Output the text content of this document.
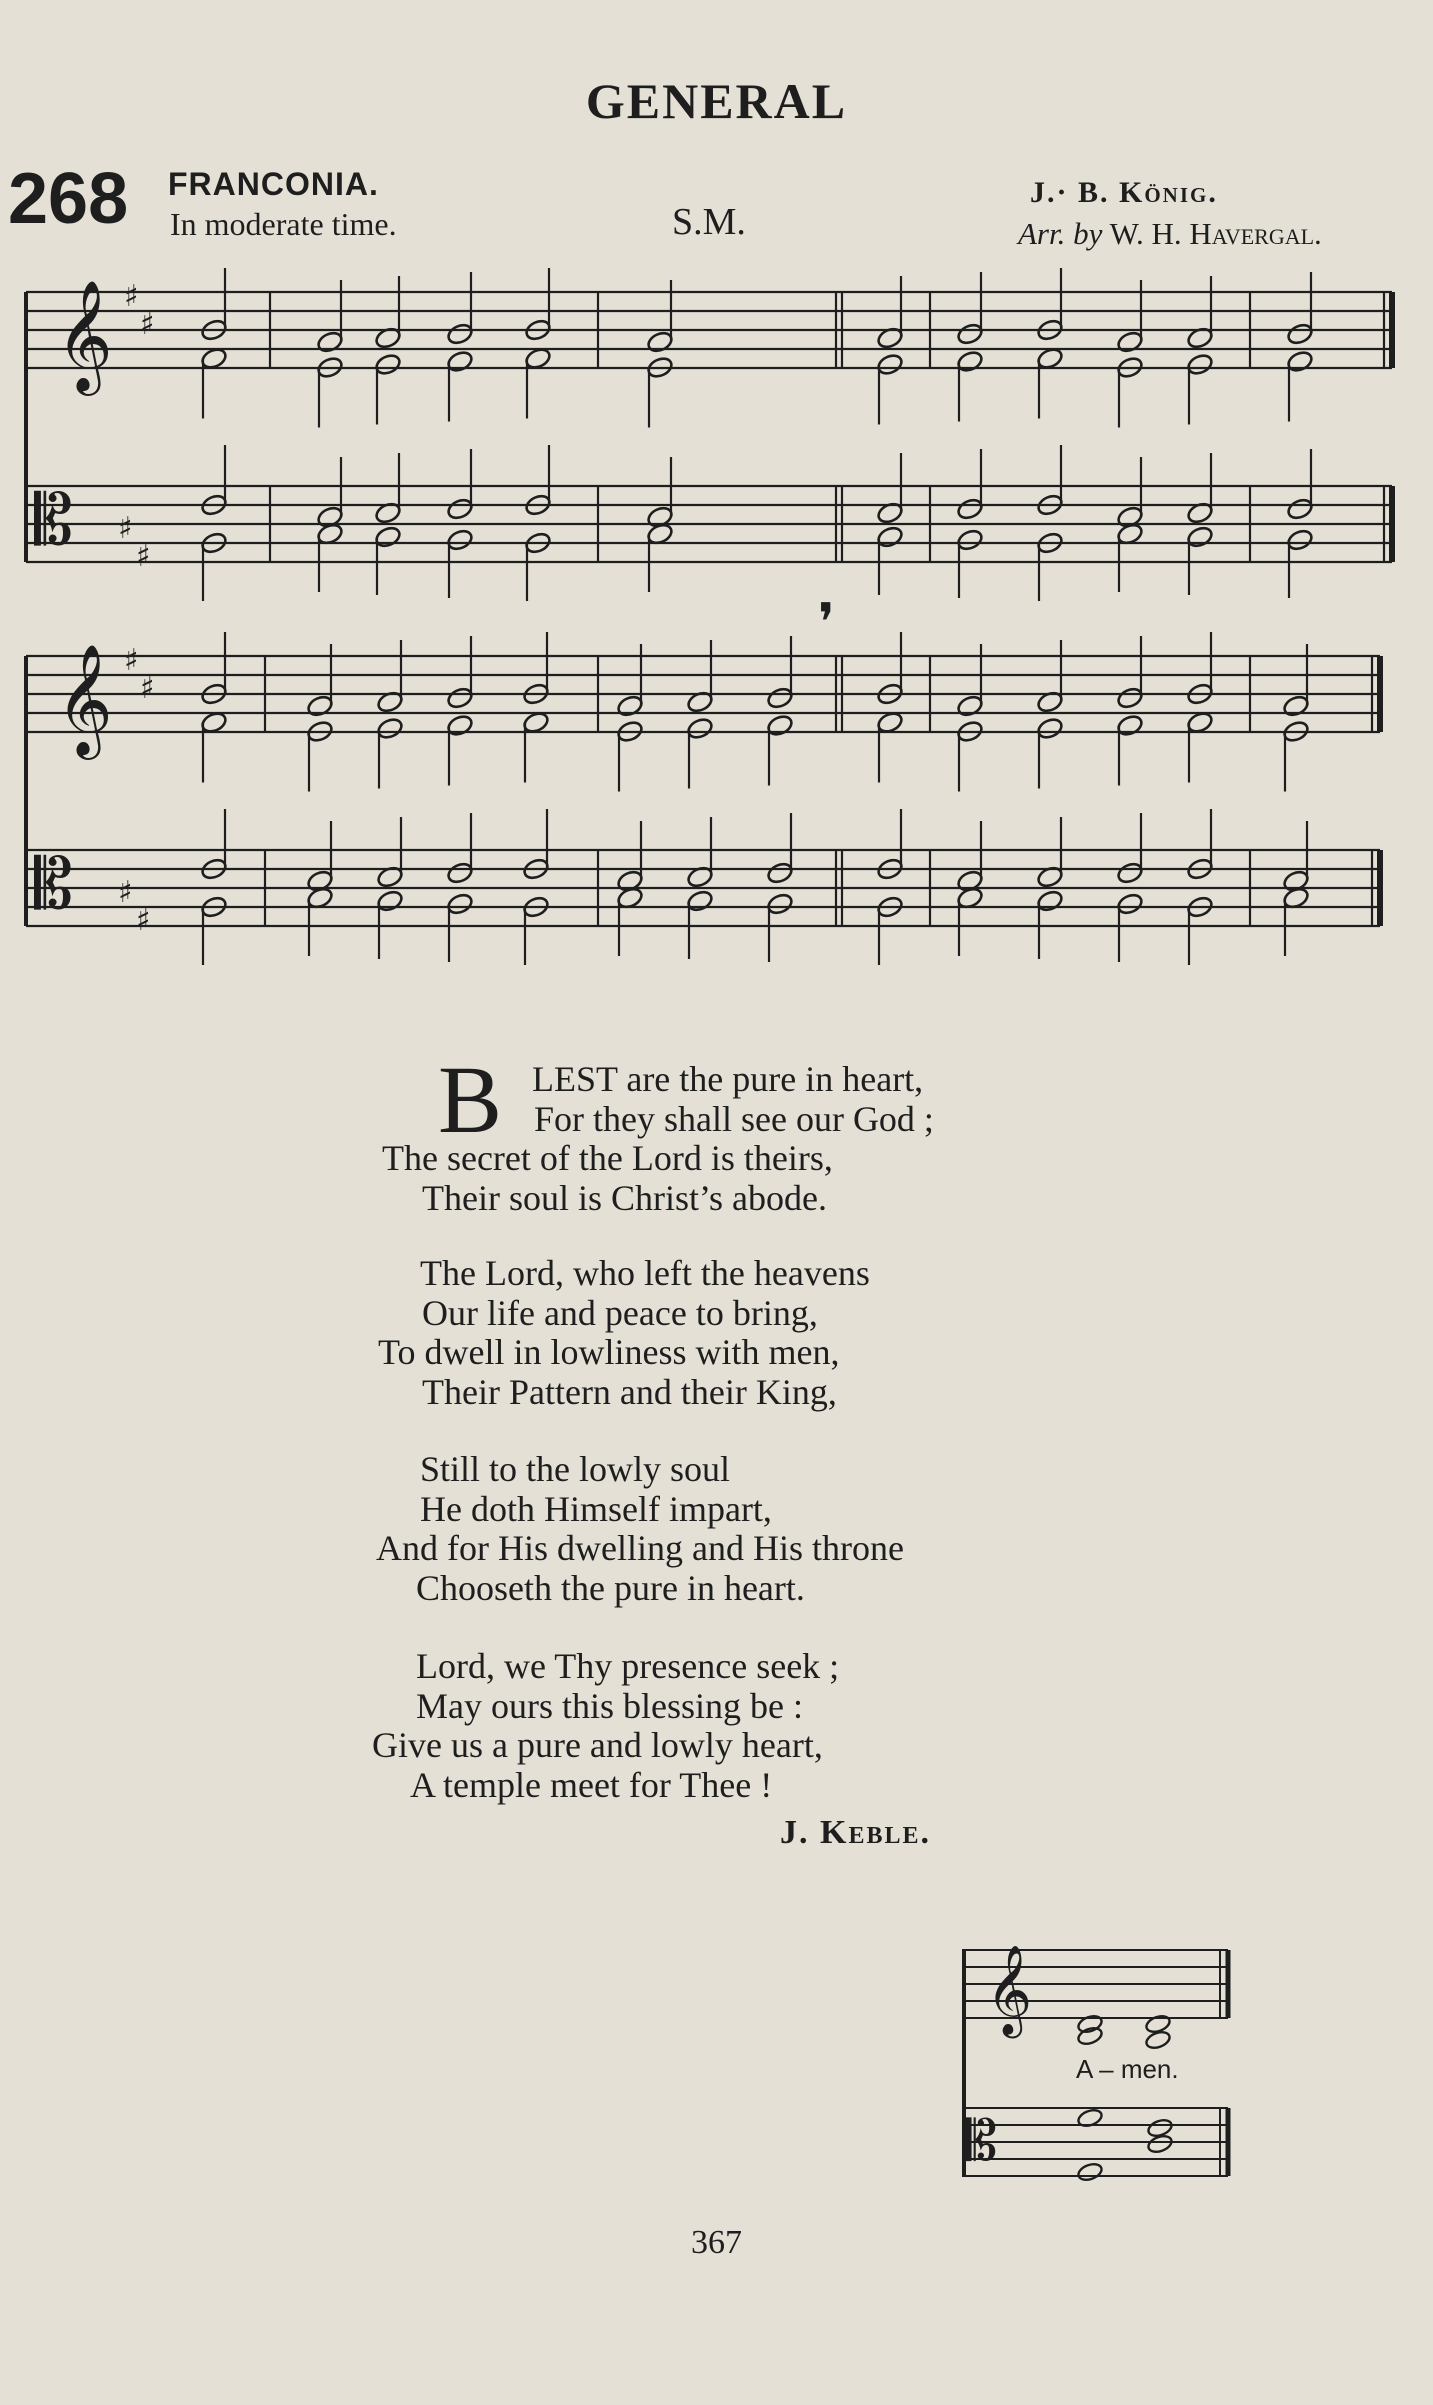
GENERAL
268 FRANCONIA.
In moderate time.	S.M.
J.· B. König.
Arr. by W. H. Havergal.
𝄞
𝄡
♯
♯
♯
♯
𝄞
𝄡
♯
♯
♯
♯
❜
B LEST are the pure in heart,
For they shall see our God ;
The secret of the Lord is theirs,
Their soul is Christ’s abode.
The Lord, who left the heavens
Our life and peace to bring,
To dwell in lowliness with men,
Their Pattern and their King,
Still to the lowly soul
He doth Himself impart,
And for His dwelling and His throne
Chooseth the pure in heart.
Lord, we Thy presence seek ;
May ours this blessing be :
Give us a pure and lowly heart,
A temple meet for Thee !
J. Keble.
𝄞
𝄡
A – men.
367
